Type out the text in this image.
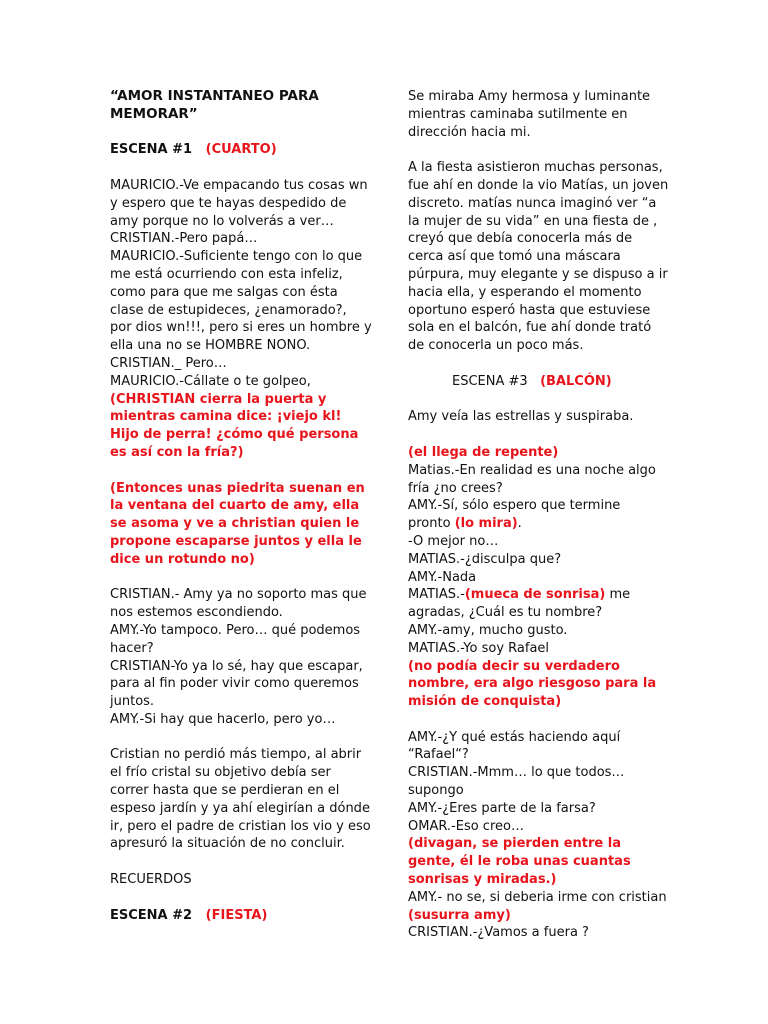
“AMOR INSTANTANEO PARA
MEMORAR”

ESCENA #1 (CUARTO)

MAURICIO.-Ve empacando tus cosas wn y espero que te hayas despedido de amy porque no lo volverás a ver…
CRISTIAN.-Pero papá…
MAURICIO.-Suficiente tengo con lo que me está ocurriendo con esta infeliz, como para que me salgas con ésta clase de estupideces, ¿enamorado?, por dios wn!!!, pero si eres un hombre y ella una no se HOMBRE NONO.
CRISTIAN._ Pero…
MAURICIO.-Cállate o te golpeo,

(CHRISTIAN cierra la puerta y mientras camina dice: ¡viejo kl! Hijo de perra! ¿cómo qué persona es así con la fría?)

(Entonces unas piedrita suenan en la ventana del cuarto de amy, ella se asoma y ve a christian quien le propone escaparse juntos y ella le dice un rotundo no)

CRISTIAN.- Amy ya no soporto mas que nos estemos escondiendo.
AMY.-Yo tampoco. Pero… qué podemos hacer?
CRISTIAN-Yo ya lo sé, hay que escapar, para al fin poder vivir como queremos juntos.
AMY.-Si hay que hacerlo, pero yo…

Cristian no perdió más tiempo, al abrir el frío cristal su objetivo debía ser correr hasta que se perdieran en el espeso jardín y ya ahí elegirían a dónde ir, pero el padre de cristian los vio y eso apresuró la situación de no concluir.

RECUERDOS

ESCENA #2 (FIESTA)

Se miraba Amy hermosa y luminante mientras caminaba sutilmente en dirección hacia mi.

A la fiesta asistieron muchas personas, fue ahí en donde la vio Matías, un joven discreto. matías nunca imaginó ver “a la mujer de su vida” en una fiesta de , creyó que debía conocerla más de cerca así que tomó una máscara púrpura, muy elegante y se dispuso a ir hacia ella, y esperando el momento oportuno esperó hasta que estuviese sola en el balcón, fue ahí donde trató de conocerla un poco más.

ESCENA #3 (BALCÓN)

Amy veía las estrellas y suspiraba.

(el llega de repente)

Matias.-En realidad es una noche algo fría ¿no crees?
AMY.-Sí, sólo espero que termine

pronto (lo mira).

-O mejor no…
MATIAS.-¿disculpa que?
AMY.-Nada

MATIAS.-(mueca de sonrisa) me agradas, ¿Cuál es tu nombre?

AMY.-amy, mucho gusto.
MATIAS.-Yo soy Rafael

(no podía decir su verdadero nombre, era algo riesgoso para la misión de conquista)

AMY.-¿Y qué estás haciendo aquí “Rafael“?
CRISTIAN.-Mmm… lo que todos… supongo
AMY.-¿Eres parte de la farsa?
OMAR.-Eso creo…

(divagan, se pierden entre la gente, él le roba unas cuantas sonrisas y miradas.)

AMY.- no se, si deberia irme con cristian

(susurra amy)

CRISTIAN.-¿Vamos a fuera ?
